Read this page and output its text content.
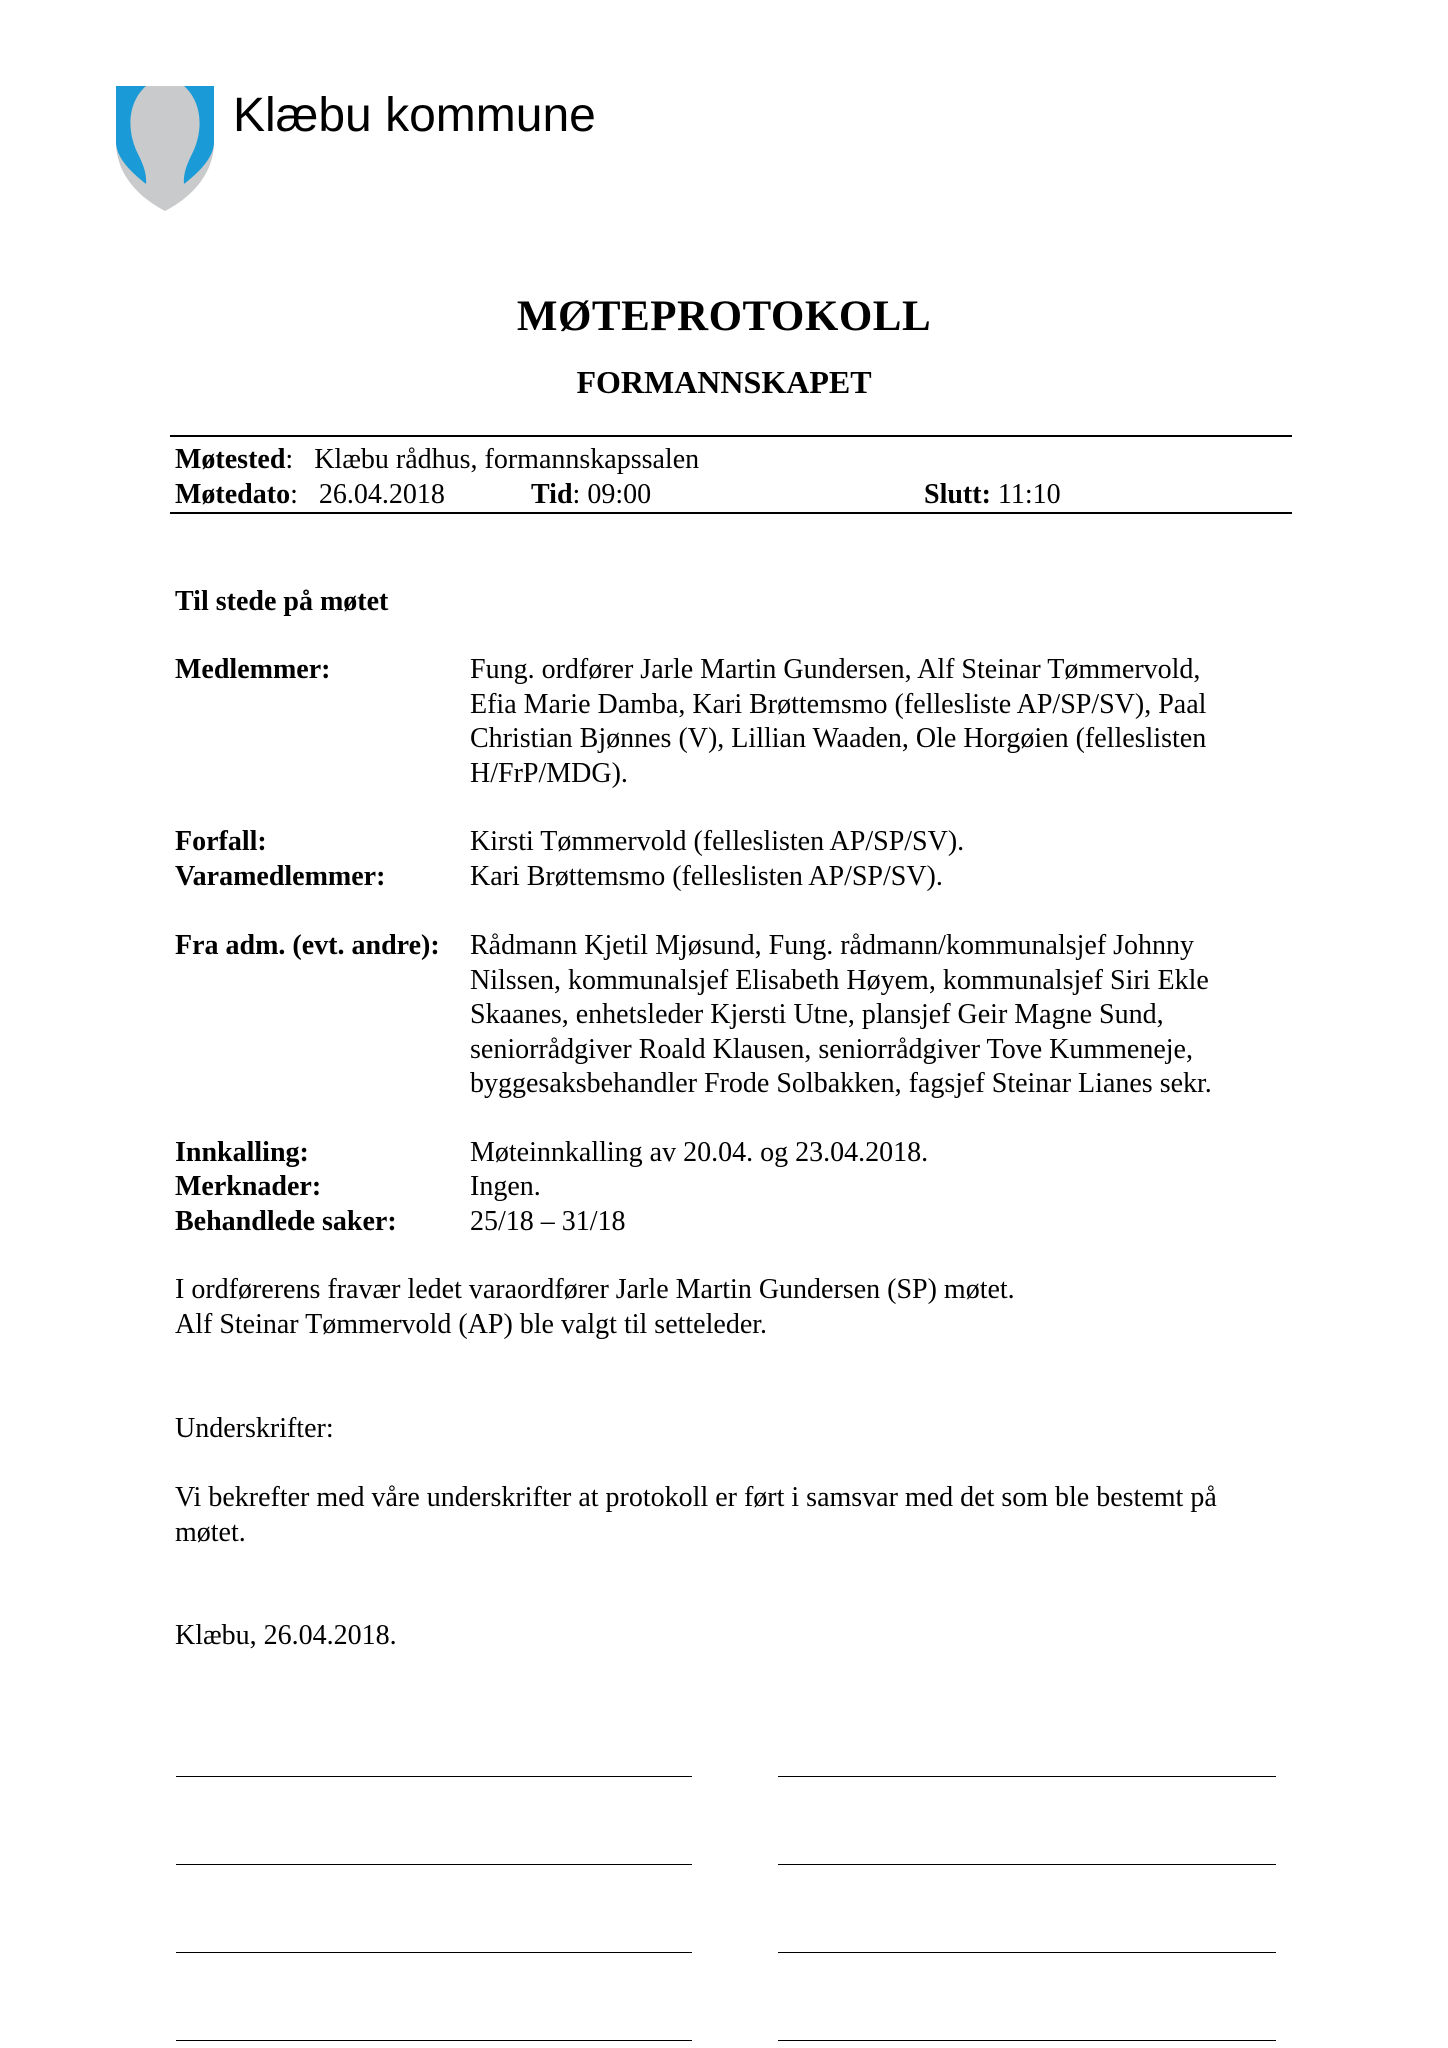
Klæbu kommune
MØTEPROTOKOLL
FORMANNSKAPET
Møtested:   Klæbu rådhus, formannskapssalen
Møtedato:   26.04.2018	Tid: 09:00	Slutt: 11:10
Til stede på møtet
Medlemmer:	Fung. ordfører Jarle Martin Gundersen, Alf Steinar Tømmervold,
Efia Marie Damba, Kari Brøttemsmo (fellesliste AP/SP/SV), Paal
Christian Bjønnes (V), Lillian Waaden, Ole Horgøien (felleslisten
H/FrP/MDG).
Forfall:	Kirsti Tømmervold (felleslisten AP/SP/SV).
Varamedlemmer:	Kari Brøttemsmo (felleslisten AP/SP/SV).
Fra adm. (evt. andre): Rådmann Kjetil Mjøsund, Fung. rådmann/kommunalsjef Johnny
Nilssen, kommunalsjef Elisabeth Høyem, kommunalsjef Siri Ekle
Skaanes, enhetsleder Kjersti Utne, plansjef Geir Magne Sund,
seniorrådgiver Roald Klausen, seniorrådgiver Tove Kummeneje,
byggesaksbehandler Frode Solbakken, fagsjef Steinar Lianes sekr.
Innkalling:	Møteinnkalling av 20.04. og 23.04.2018.
Merknader:	Ingen.
Behandlede saker:	25/18 – 31/18
I ordførerens fravær ledet varaordfører Jarle Martin Gundersen (SP) møtet.
Alf Steinar Tømmervold (AP) ble valgt til setteleder.
Underskrifter:
Vi bekrefter med våre underskrifter at protokoll er ført i samsvar med det som ble bestemt på
møtet.
Klæbu, 26.04.2018.
